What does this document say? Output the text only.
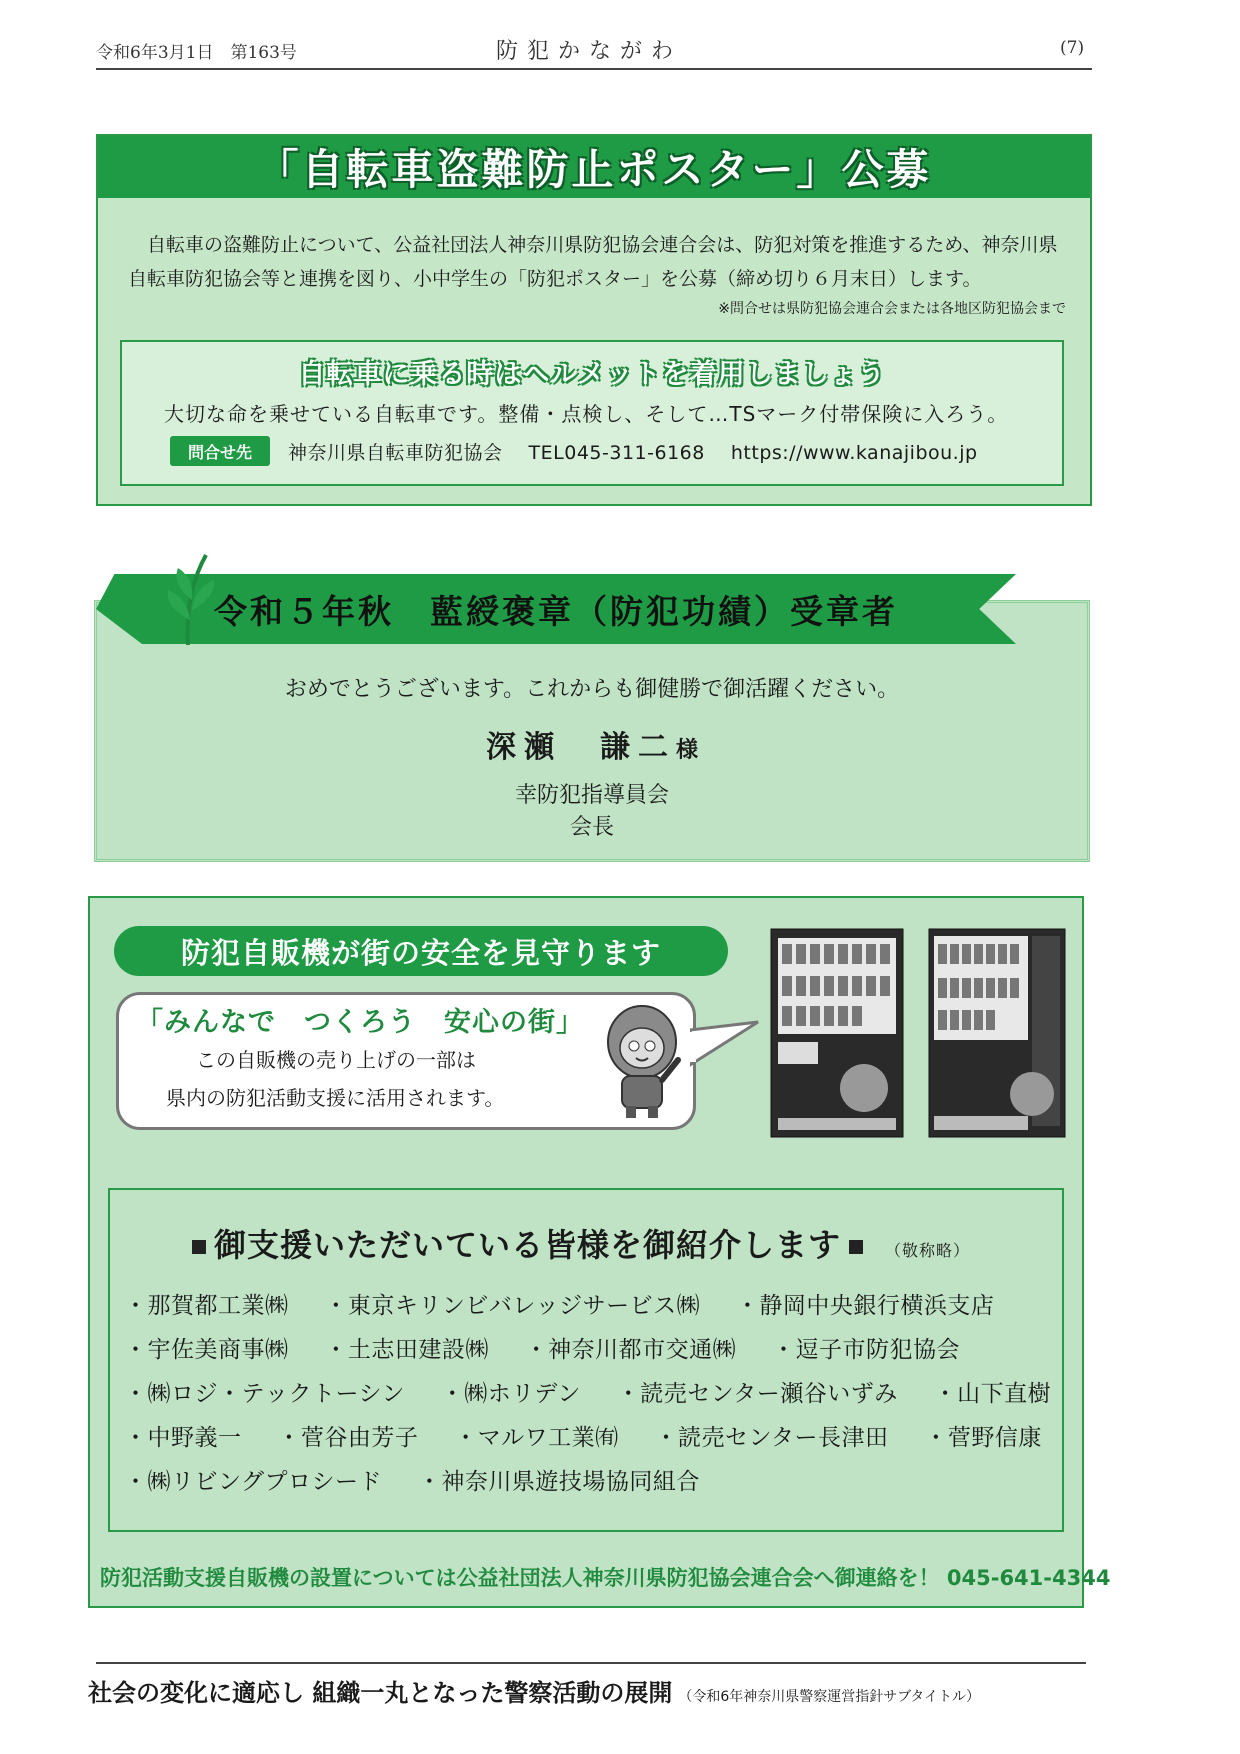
令和6年3月1日　第163号	防犯かながわ	(7)
「自転車盗難防止ポスター」公募
自転車の盗難防止について、公益社団法人神奈川県防犯協会連合会は、防犯対策を推進するため、神奈川県自転車防犯協会等と連携を図り、小中学生の「防犯ポスター」を公募（締め切り６月末日）します。
※問合せは県防犯協会連合会または各地区防犯協会まで
自転車に乗る時はヘルメットを着用しましょう
大切な命を乗せている自転車です。整備・点検し、そして…TSマーク付帯保険に入ろう。
問合せ先	神奈川県自転車防犯協会　 TEL045-311-6168　 https://www.kanajibou.jp
令和５年秋　藍綬褒章（防犯功績）受章者
おめでとうございます。これからも御健勝で御活躍ください。
深瀬　謙二様
幸防犯指導員会
会長
防犯自販機が街の安全を見守ります
「みんなで　つくろう　安心の街」
この自販機の売り上げの一部は
県内の防犯活動支援に活用されます。
御支援いただいている皆様を御紹介します	（敬称略）
・那賀都工業㈱ ・東京キリンビバレッジサービス㈱ ・静岡中央銀行横浜支店
・宇佐美商事㈱ ・土志田建設㈱ ・神奈川都市交通㈱ ・逗子市防犯協会
・㈱ロジ・テックトーシン ・㈱ホリデン ・読売センター瀬谷いずみ ・山下直樹
・中野義一 ・菅谷由芳子 ・マルワ工業㈲ ・読売センター長津田 ・菅野信康
・㈱リビングプロシード ・神奈川県遊技場協同組合
防犯活動支援自販機の設置については公益社団法人神奈川県防犯協会連合会へ御連絡を！ 045-641-4344
社会の変化に適応し 組織一丸となった警察活動の展開 （令和6年神奈川県警察運営指針サブタイトル）
